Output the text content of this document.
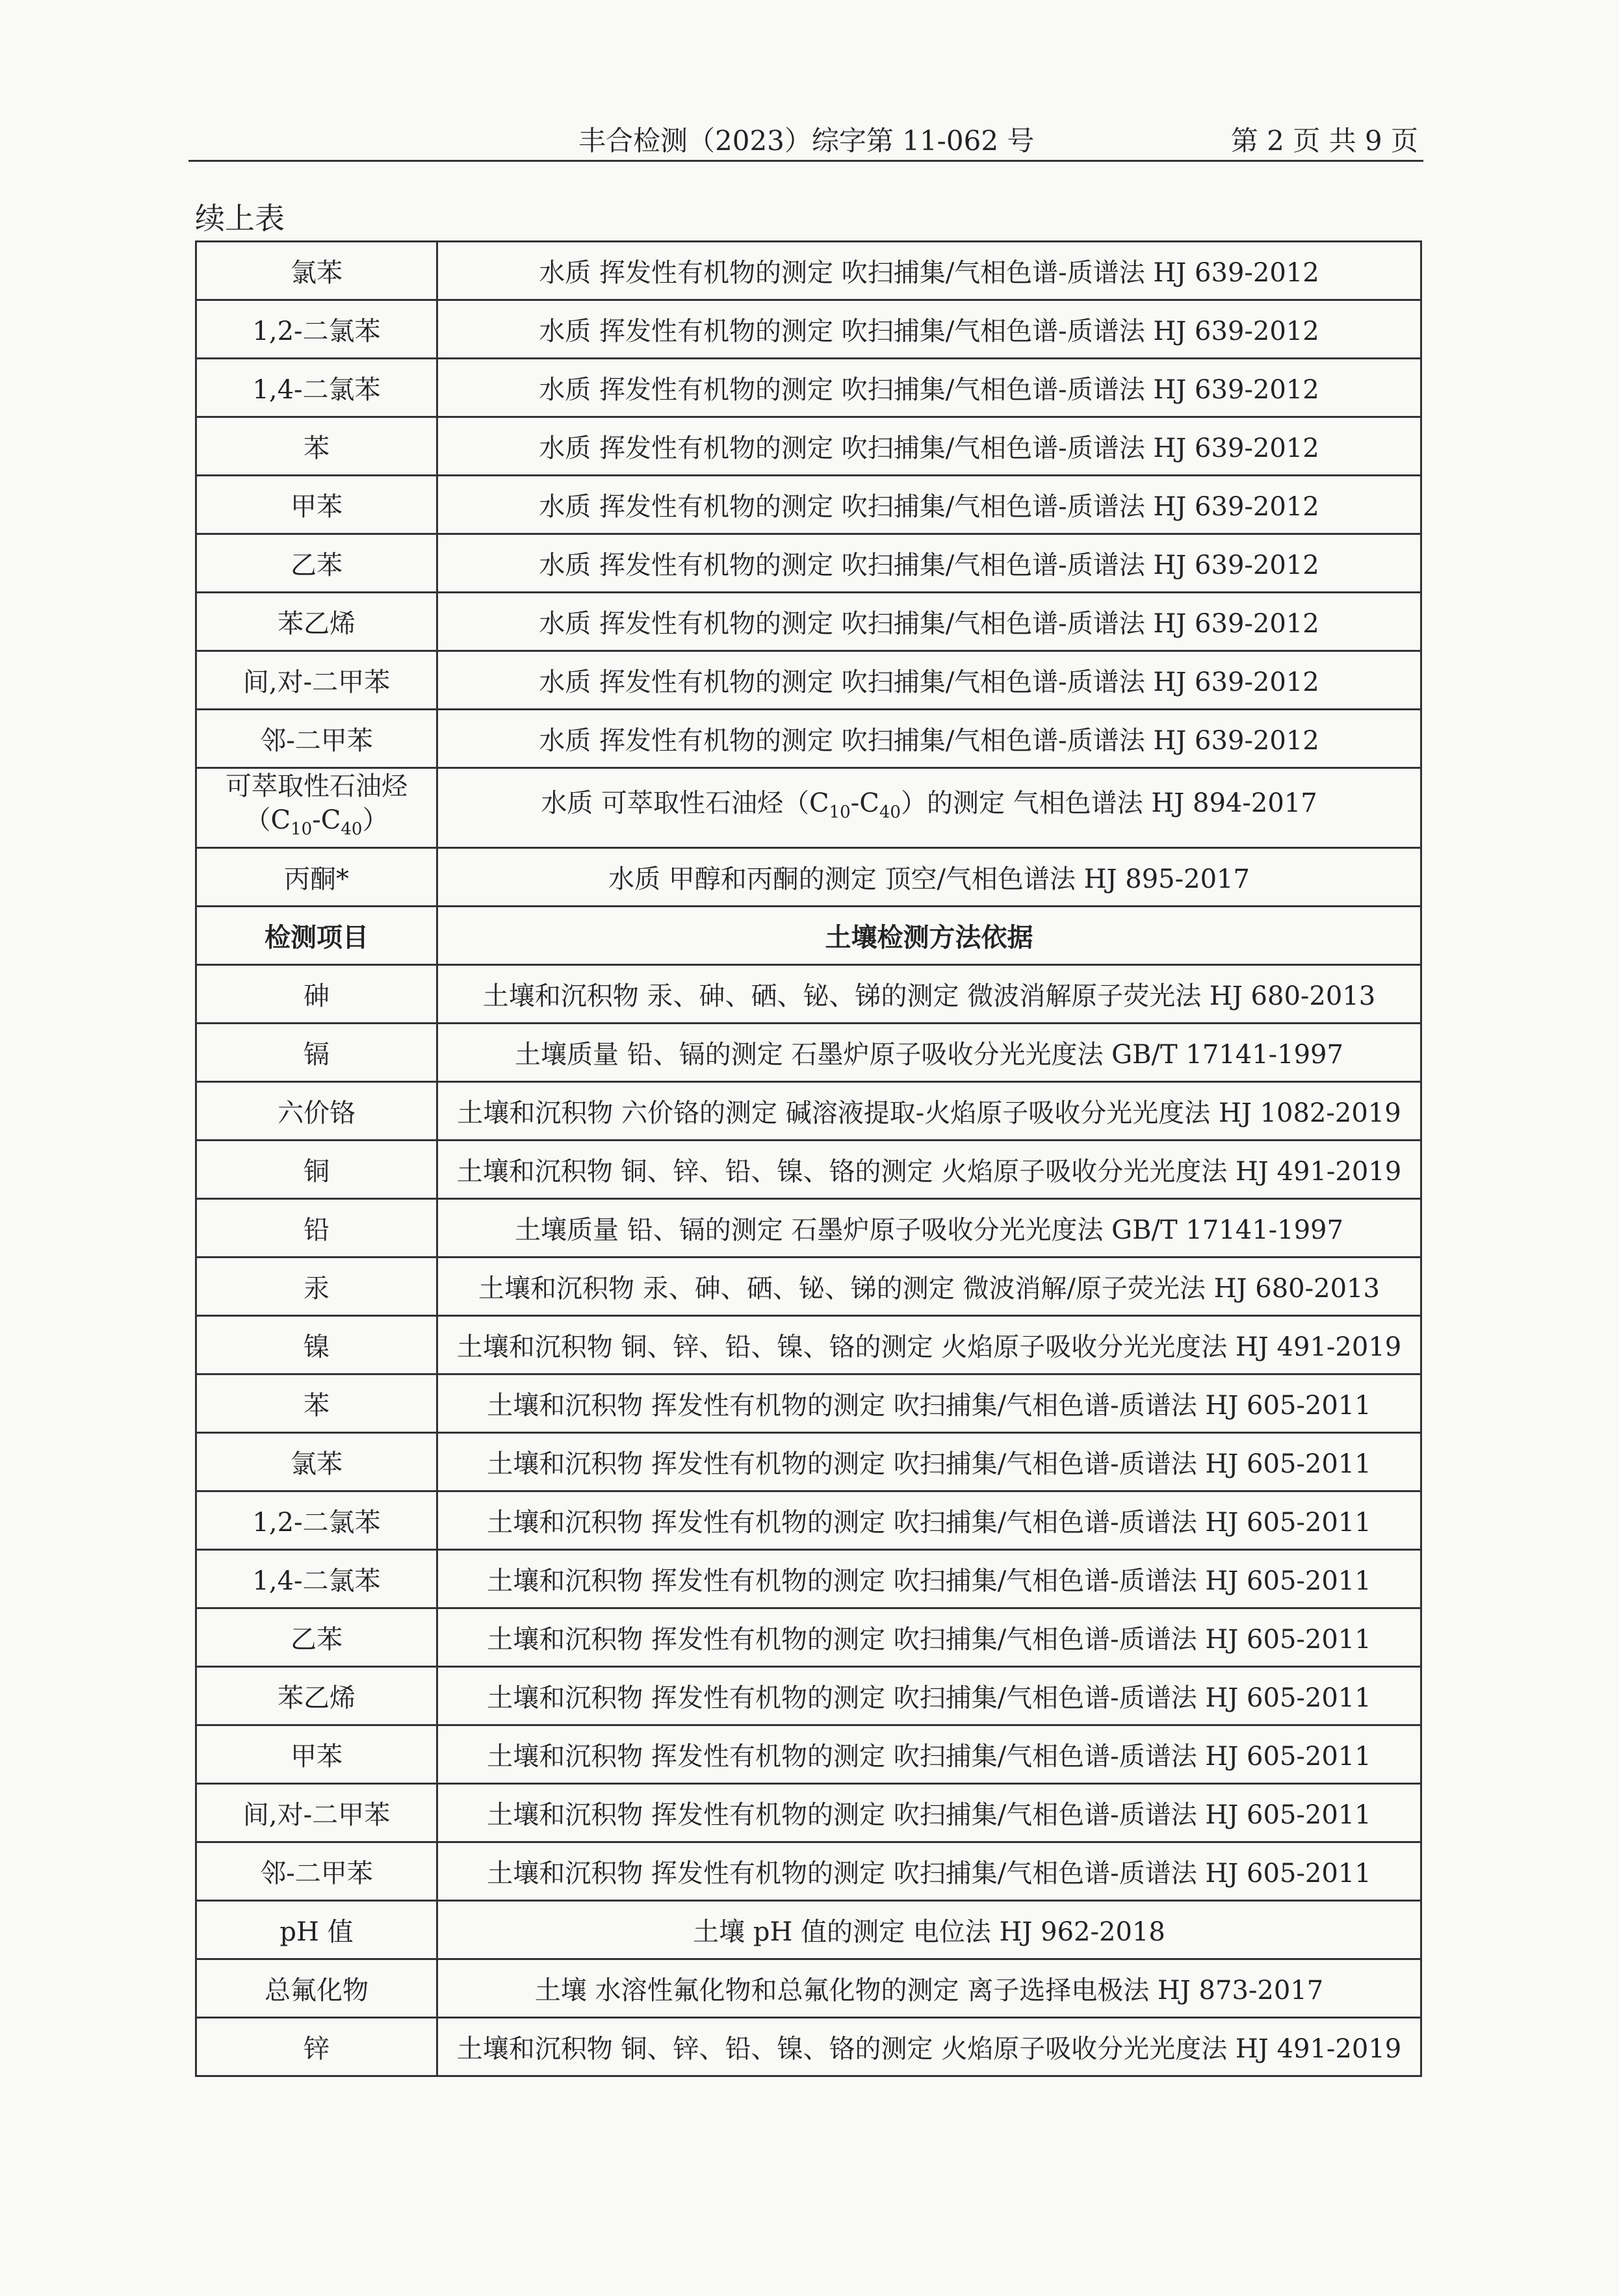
丰合检测（2023）综字第 11-062 号	第 2 页 共 9 页
续上表
氯苯	水质 挥发性有机物的测定 吹扫捕集/气相色谱-质谱法 HJ 639-2012
1,2-二氯苯	水质 挥发性有机物的测定 吹扫捕集/气相色谱-质谱法 HJ 639-2012
1,4-二氯苯	水质 挥发性有机物的测定 吹扫捕集/气相色谱-质谱法 HJ 639-2012
苯	水质 挥发性有机物的测定 吹扫捕集/气相色谱-质谱法 HJ 639-2012
甲苯	水质 挥发性有机物的测定 吹扫捕集/气相色谱-质谱法 HJ 639-2012
乙苯	水质 挥发性有机物的测定 吹扫捕集/气相色谱-质谱法 HJ 639-2012
苯乙烯	水质 挥发性有机物的测定 吹扫捕集/气相色谱-质谱法 HJ 639-2012
间,对-二甲苯	水质 挥发性有机物的测定 吹扫捕集/气相色谱-质谱法 HJ 639-2012
邻-二甲苯	水质 挥发性有机物的测定 吹扫捕集/气相色谱-质谱法 HJ 639-2012
可萃取性石油烃
$(C_{10}-C_{40})$	水质 可萃取性石油烃$(C_{10}-C_{40})$的测定 气相色谱法 HJ 894-2017
丙酮*	水质 甲醇和丙酮的测定 顶空/气相色谱法 HJ 895-2017
检测项目	土壤检测方法依据
砷	土壤和沉积物 汞、砷、硒、铋、锑的测定 微波消解原子荧光法 HJ 680-2013
镉	土壤质量 铅、镉的测定 石墨炉原子吸收分光光度法 GB/T 17141-1997
六价铬	土壤和沉积物 六价铬的测定 碱溶液提取-火焰原子吸收分光光度法 HJ 1082-2019
铜	土壤和沉积物 铜、锌、铅、镍、铬的测定 火焰原子吸收分光光度法 HJ 491-2019
铅	土壤质量 铅、镉的测定 石墨炉原子吸收分光光度法 GB/T 17141-1997
汞	土壤和沉积物 汞、砷、硒、铋、锑的测定 微波消解/原子荧光法 HJ 680-2013
镍	土壤和沉积物 铜、锌、铅、镍、铬的测定 火焰原子吸收分光光度法 HJ 491-2019
苯	土壤和沉积物 挥发性有机物的测定 吹扫捕集/气相色谱-质谱法 HJ 605-2011
氯苯	土壤和沉积物 挥发性有机物的测定 吹扫捕集/气相色谱-质谱法 HJ 605-2011
1,2-二氯苯	土壤和沉积物 挥发性有机物的测定 吹扫捕集/气相色谱-质谱法 HJ 605-2011
1,4-二氯苯	土壤和沉积物 挥发性有机物的测定 吹扫捕集/气相色谱-质谱法 HJ 605-2011
乙苯	土壤和沉积物 挥发性有机物的测定 吹扫捕集/气相色谱-质谱法 HJ 605-2011
苯乙烯	土壤和沉积物 挥发性有机物的测定 吹扫捕集/气相色谱-质谱法 HJ 605-2011
甲苯	土壤和沉积物 挥发性有机物的测定 吹扫捕集/气相色谱-质谱法 HJ 605-2011
间,对-二甲苯	土壤和沉积物 挥发性有机物的测定 吹扫捕集/气相色谱-质谱法 HJ 605-2011
邻-二甲苯	土壤和沉积物 挥发性有机物的测定 吹扫捕集/气相色谱-质谱法 HJ 605-2011
pH 值	土壤 pH 值的测定 电位法 HJ 962-2018
总氟化物	土壤 水溶性氟化物和总氟化物的测定 离子选择电极法 HJ 873-2017
锌	土壤和沉积物 铜、锌、铅、镍、铬的测定 火焰原子吸收分光光度法 HJ 491-2019
